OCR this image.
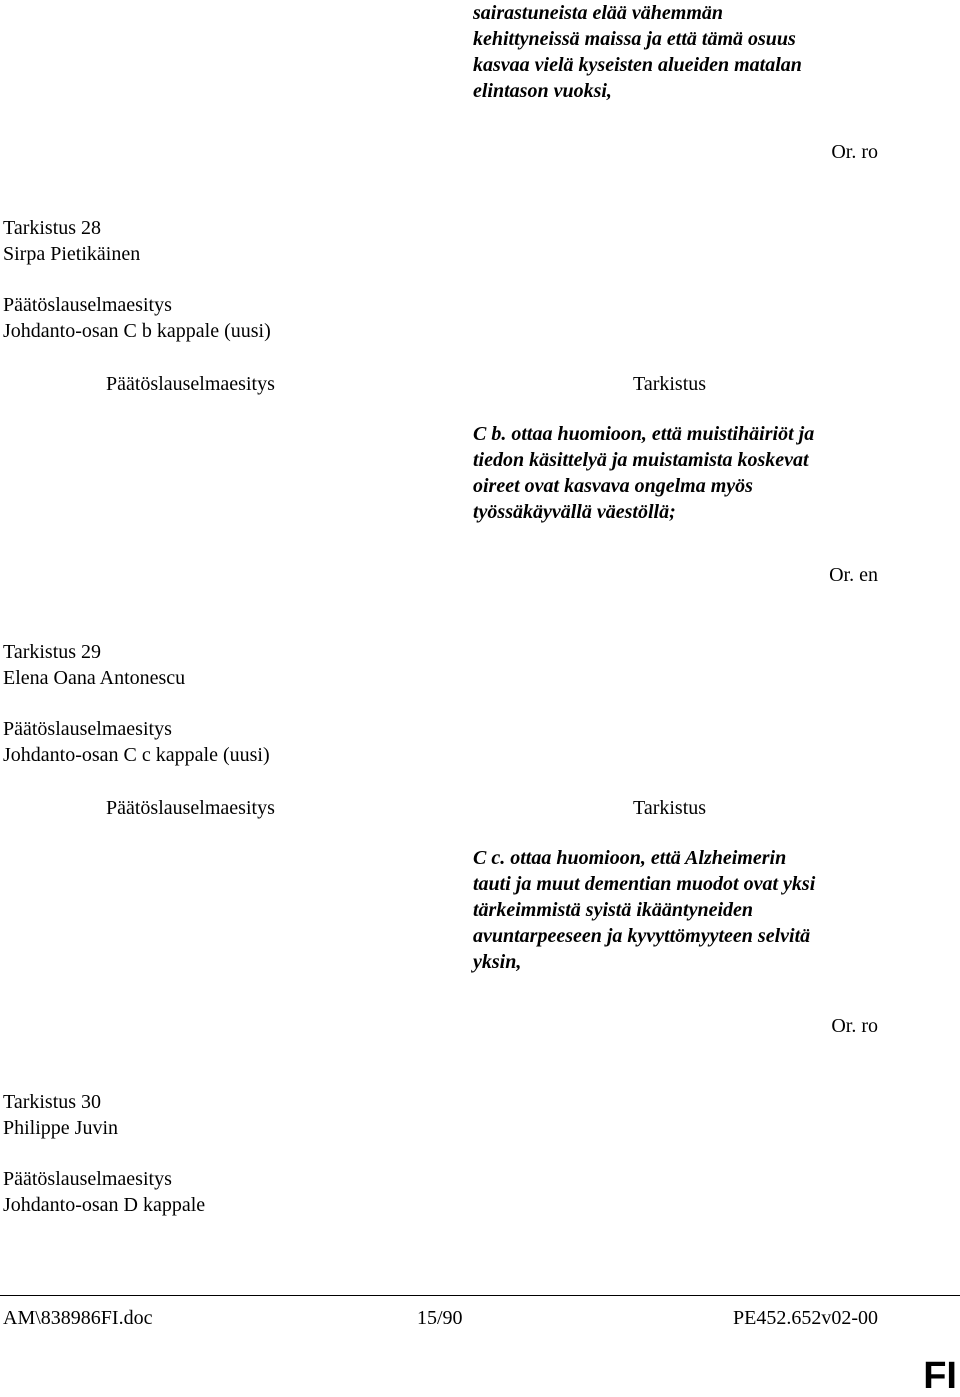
sairastuneista elää vähemmän
kehittyneissä maissa ja että tämä osuus
kasvaa vielä kyseisten alueiden matalan
elintason vuoksi,
Or. ro
Tarkistus 28
Sirpa Pietikäinen
Päätöslauselmaesitys
Johdanto-osan C b kappale (uusi)
Päätöslauselmaesitys	Tarkistus
C b. ottaa huomioon, että muistihäiriöt ja
tiedon käsittelyä ja muistamista koskevat
oireet ovat kasvava ongelma myös
työssäkäyvällä väestöllä;
Or. en
Tarkistus 29
Elena Oana Antonescu
Päätöslauselmaesitys
Johdanto-osan C c kappale (uusi)
Päätöslauselmaesitys	Tarkistus
C c. ottaa huomioon, että Alzheimerin
tauti ja muut dementian muodot ovat yksi
tärkeimmistä syistä ikääntyneiden
avuntarpeeseen ja kyvyttömyyteen selvitä
yksin,
Or. ro
Tarkistus 30
Philippe Juvin
Päätöslauselmaesitys
Johdanto-osan D kappale
AM\838986FI.doc	15/90	PE452.652v02-00
FI
